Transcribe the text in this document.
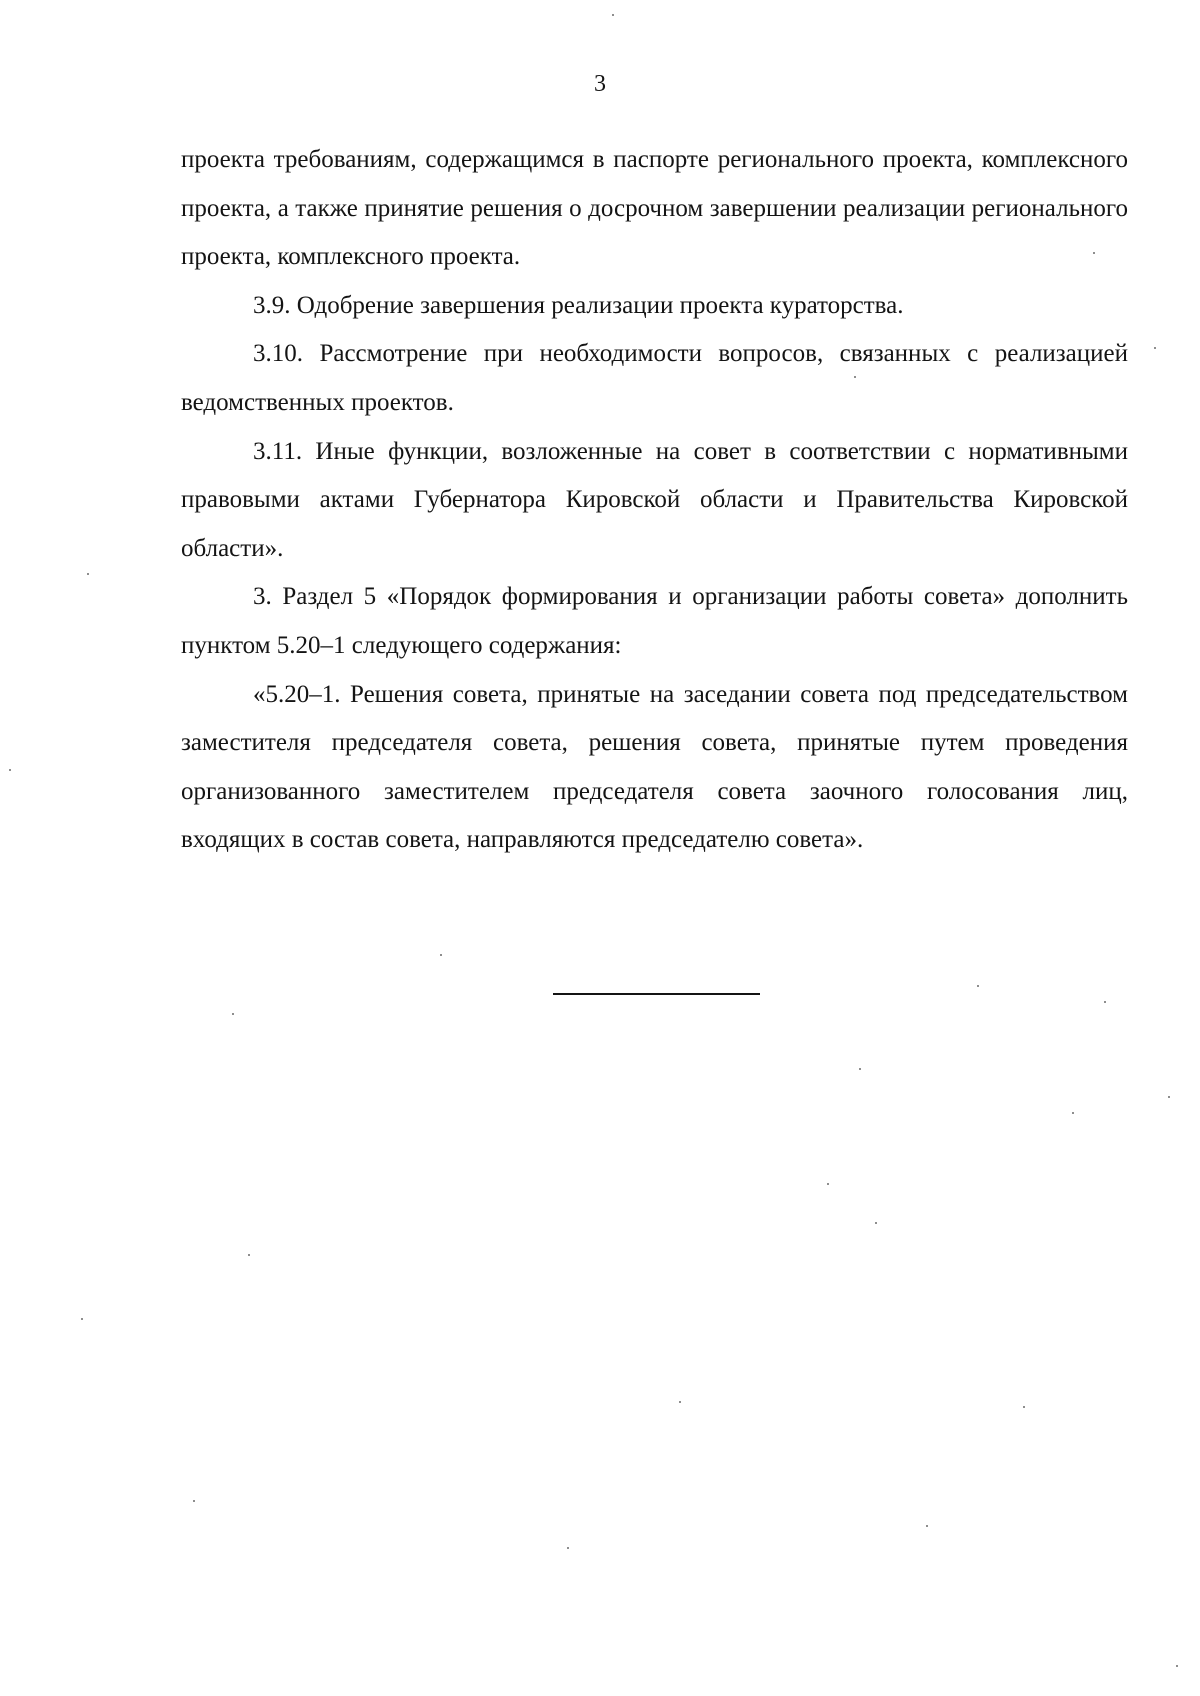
3

проекта требованиям, содержащимся в паспорте регионального проекта, комплексного проекта, а также принятие решения о досрочном завершении реализации регионального проекта, комплексного проекта.

3.9. Одобрение завершения реализации проекта кураторства.

3.10. Рассмотрение при необходимости вопросов, связанных с реализацией ведомственных проектов.

3.11. Иные функции, возложенные на совет в соответствии с нормативными правовыми актами Губернатора Кировской области и Правительства Кировской области».

3. Раздел 5 «Порядок формирования и организации работы совета» дополнить пунктом 5.20–1 следующего содержания:

«5.20–1. Решения совета, принятые на заседании совета под председательством заместителя председателя совета, решения совета, принятые путем проведения организованного заместителем председателя совета заочного голосования лиц, входящих в состав совета, направляются председателю совета».
